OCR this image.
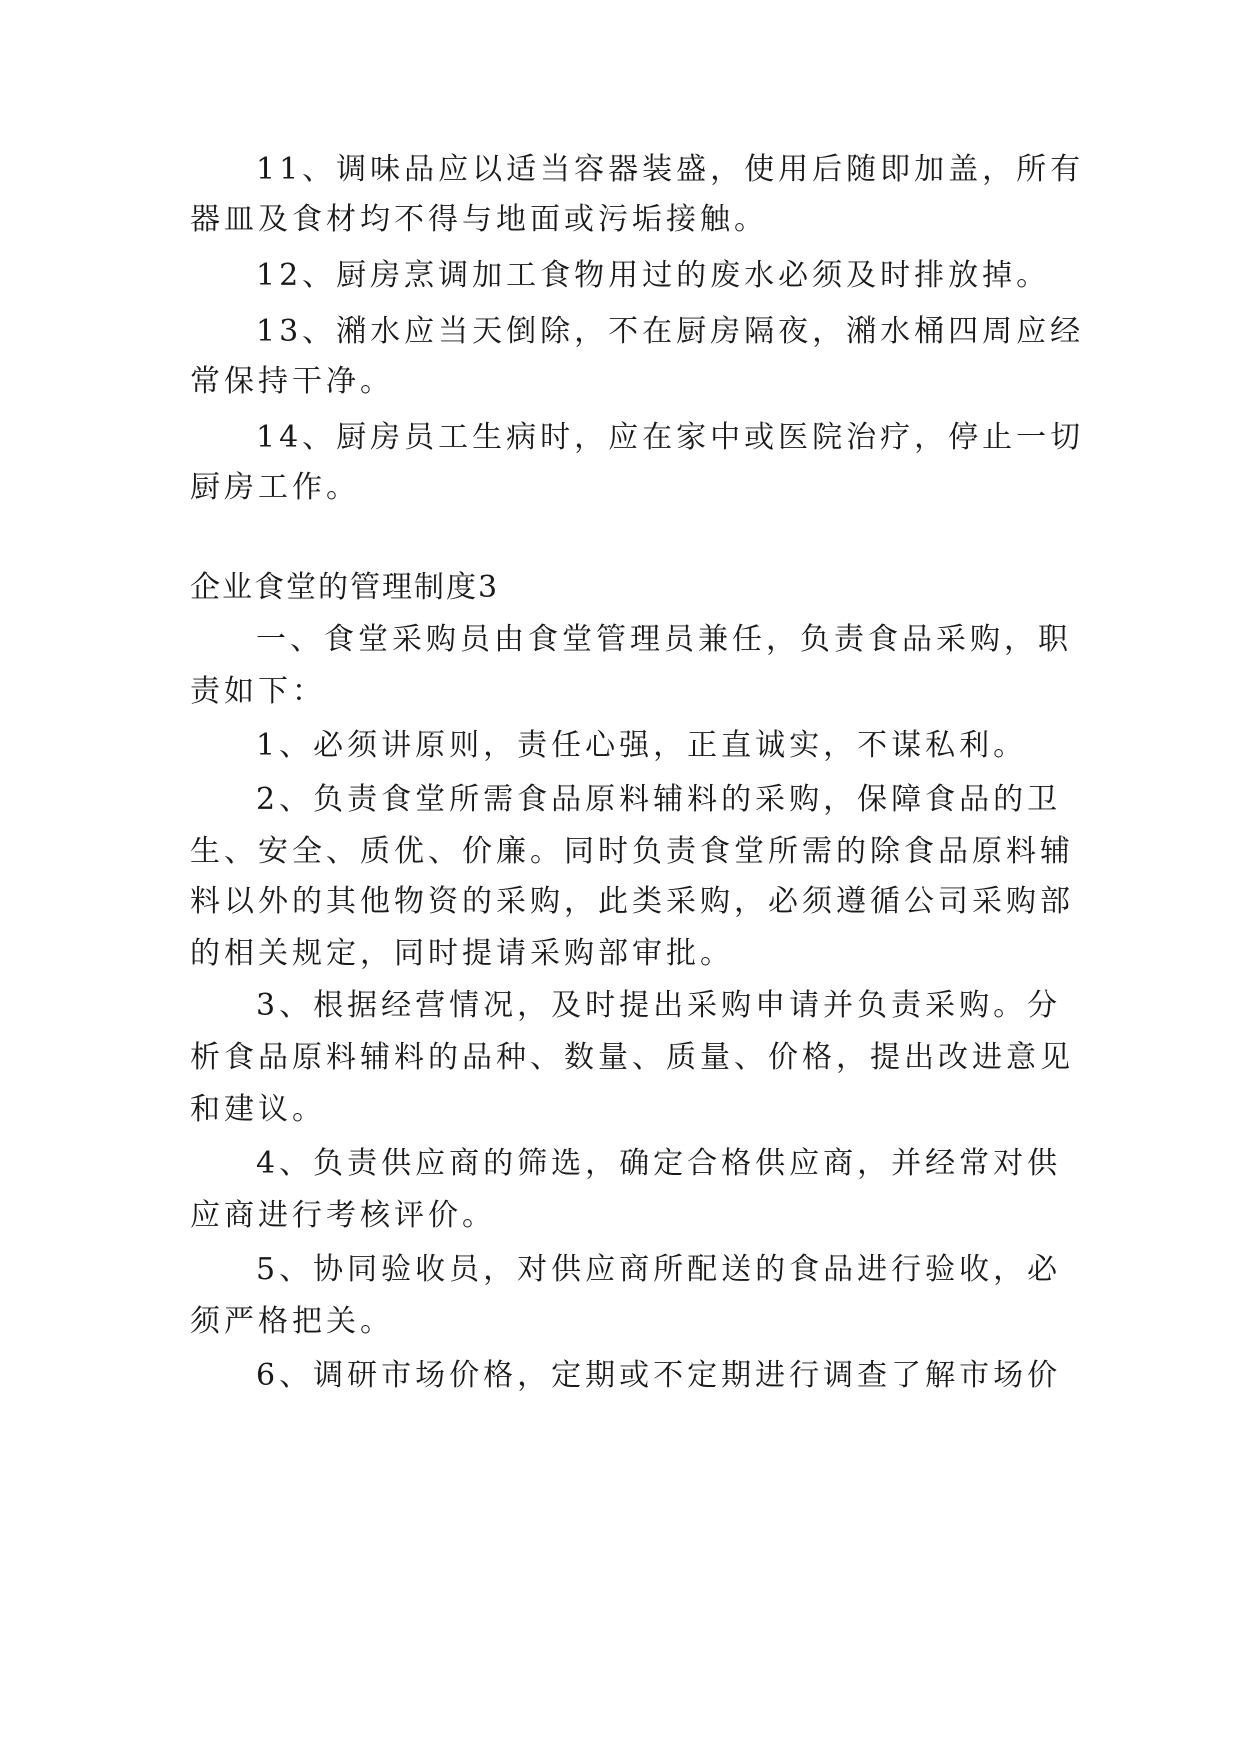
11、调味品应以适当容器装盛，使用后随即加盖，所有
器皿及食材均不得与地面或污垢接触。
12、厨房烹调加工食物用过的废水必须及时排放掉。
13、潲水应当天倒除，不在厨房隔夜，潲水桶四周应经
常保持干净。
14、厨房员工生病时，应在家中或医院治疗，停止一切
厨房工作。
企业食堂的管理制度3
一、食堂采购员由食堂管理员兼任，负责食品采购，职
责如下：
1、必须讲原则，责任心强，正直诚实，不谋私利。
2、负责食堂所需食品原料辅料的采购，保障食品的卫
生、安全、质优、价廉。同时负责食堂所需的除食品原料辅
料以外的其他物资的采购，此类采购，必须遵循公司采购部
的相关规定，同时提请采购部审批。
3、根据经营情况，及时提出采购申请并负责采购。分
析食品原料辅料的品种、数量、质量、价格，提出改进意见
和建议。
4、负责供应商的筛选，确定合格供应商，并经常对供
应商进行考核评价。
5、协同验收员，对供应商所配送的食品进行验收，必
须严格把关。
6、调研市场价格，定期或不定期进行调查了解市场价
